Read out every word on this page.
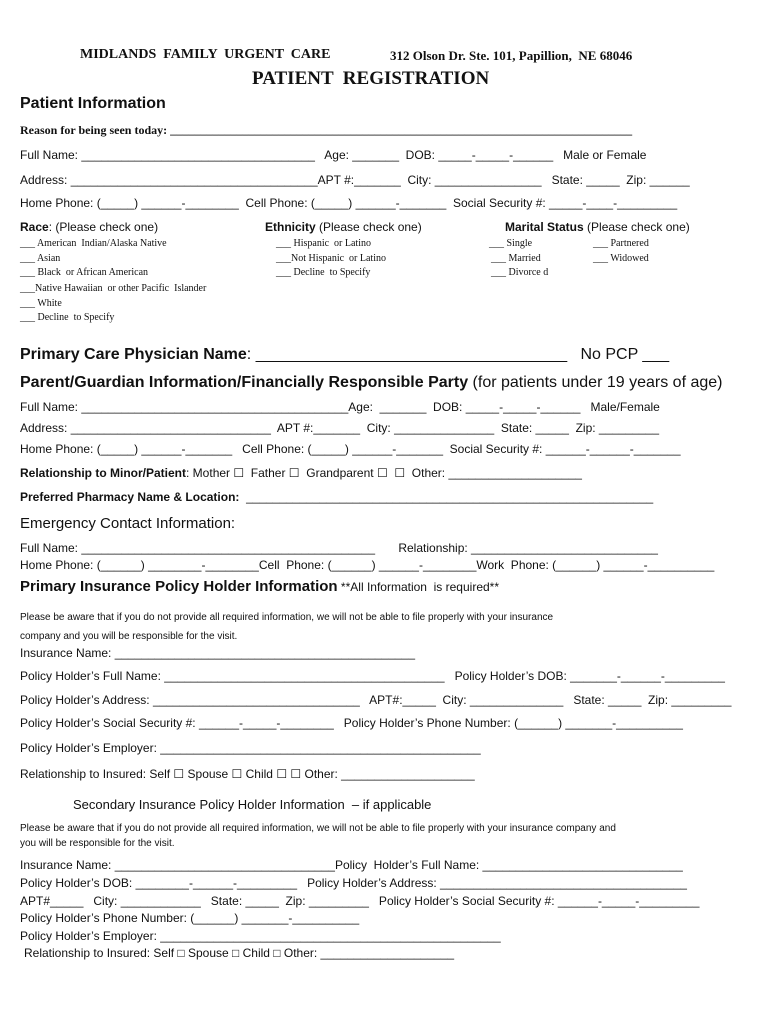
MIDLANDS  FAMILY  URGENT  CARE	312 Olson Dr. Ste. 101, Papillion,  NE 68046
PATIENT  REGISTRATION
Patient Information
Reason for being seen today: _____________________________________________________________________________
Full Name: ___________________________________   Age: _______  DOB: _____-_____-______   Male or Female
Address: _____________________________________APT #:_______  City: ________________   State: _____  Zip: ______
Home Phone: (_____) ______-________  Cell Phone: (_____) ______-_______  Social Security #: _____-____-_________
Race: (Please check one)
___ American  Indian/Alaska Native
___ Asian
___ Black  or African American
___Native Hawaiian  or other Pacific  Islander
___ White
___ Decline  to Specify
Ethnicity (Please check one)
___ Hispanic  or Latino
___Not Hispanic  or Latino
___ Decline  to Specify
Marital Status (Please check one)
___ Single
___ Married
___ Divorce d
___ Partnered
___ Widowed
Primary Care Physician Name: ___________________________________   No PCP ___
Parent/Guardian Information/Financially Responsible Party (for patients under 19 years of age)
Full Name: ________________________________________Age:  _______  DOB: _____-_____-______   Male/Female
Address: ______________________________  APT #:_______  City: _______________  State: _____  Zip: _________
Home Phone: (_____) ______-_______   Cell Phone: (_____) ______-_______  Social Security #: ______-______-_______
Relationship to Minor/Patient: Mother ☐  Father ☐  Grandparent ☐  ☐  Other: ____________________
Preferred Pharmacy Name & Location:  _____________________________________________________________
Emergency Contact Information:
Full Name: ____________________________________________       Relationship: ____________________________
Home Phone: (______) ________-________Cell  Phone: (______) ______-________Work  Phone: (______) ______-__________
Primary Insurance Policy Holder Information **All Information  is required**
Please be aware that if you do not provide all required information, we will not be able to file properly with your insurance
company and you will be responsible for the visit.
Insurance Name: _____________________________________________
Policy Holder’s Full Name: __________________________________________   Policy Holder’s DOB: _______-______-_________
Policy Holder’s Address: _______________________________   APT#:_____  City: ______________   State: _____  Zip: _________
Policy Holder’s Social Security #: ______-_____-________   Policy Holder’s Phone Number: (______) _______-__________
Policy Holder’s Employer: ________________________________________________
Relationship to Insured: Self ☐ Spouse ☐ Child ☐ ☐ Other: ____________________
Secondary Insurance Policy Holder Information  – if applicable
Please be aware that if you do not provide all required information, we will not be able to file properly with your insurance company and
you will be responsible for the visit.
Insurance Name: _________________________________Policy  Holder’s Full Name: ______________________________
Policy Holder’s DOB: ________-______-_________   Policy Holder’s Address: _____________________________________
APT#_____   City: ____________   State: _____  Zip: _________   Policy Holder’s Social Security #: ______-_____-_________
Policy Holder’s Phone Number: (______) _______-__________
Policy Holder’s Employer: ___________________________________________________
Relationship to Insured: Self □ Spouse □ Child □ Other: ____________________
